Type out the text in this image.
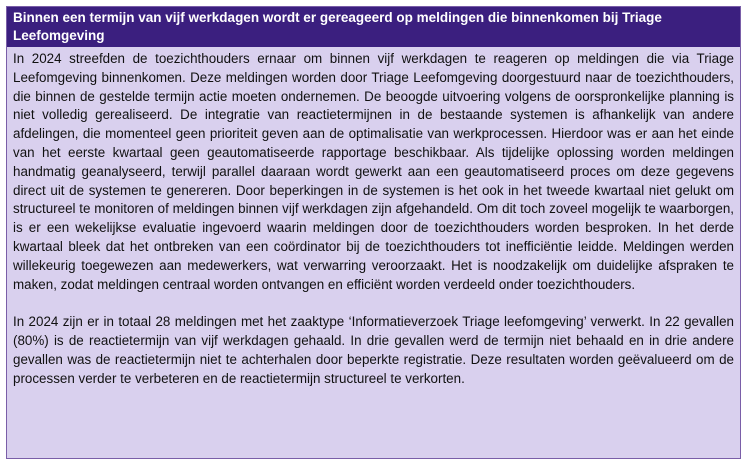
Binnen een termijn van vijf werkdagen wordt er gereageerd op meldingen die binnenkomen bij Triage Leefomgeving

In 2024 streefden de toezichthouders ernaar om binnen vijf werkdagen te reageren op meldingen die via Triage Leefomgeving binnenkomen. Deze meldingen worden door Triage Leefomgeving doorgestuurd naar de toezichthouders, die binnen de gestelde termijn actie moeten ondernemen. De beoogde uitvoering volgens de oorspronkelijke planning is niet volledig gerealiseerd. De integratie van reactietermijnen in de bestaande systemen is afhankelijk van andere afdelingen, die momenteel geen prioriteit geven aan de optimalisatie van werkprocessen. Hierdoor was er aan het einde van het eerste kwartaal geen geautomatiseerde rapportage beschikbaar. Als tijdelijke oplossing worden meldingen handmatig geanalyseerd, terwijl parallel daaraan wordt gewerkt aan een geautomatiseerd proces om deze gegevens direct uit de systemen te genereren. Door beperkingen in de systemen is het ook in het tweede kwartaal niet gelukt om structureel te monitoren of meldingen binnen vijf werkdagen zijn afgehandeld. Om dit toch zoveel mogelijk te waarborgen, is er een wekelijkse evaluatie ingevoerd waarin meldingen door de toezichthouders worden besproken. In het derde kwartaal bleek dat het ontbreken van een coördinator bij de toezichthouders tot inefficiëntie leidde. Meldingen werden willekeurig toegewezen aan medewerkers, wat verwarring veroorzaakt. Het is noodzakelijk om duidelijke afspraken te maken, zodat meldingen centraal worden ontvangen en efficiënt worden verdeeld onder toezichthouders.

In 2024 zijn er in totaal 28 meldingen met het zaaktype ‘Informatieverzoek Triage leefomgeving’ verwerkt. In 22 gevallen (80%) is de reactietermijn van vijf werkdagen gehaald. In drie gevallen werd de termijn niet behaald en in drie andere gevallen was de reactietermijn niet te achterhalen door beperkte registratie. Deze resultaten worden geëvalueerd om de processen verder te verbeteren en de reactietermijn structureel te verkorten.
